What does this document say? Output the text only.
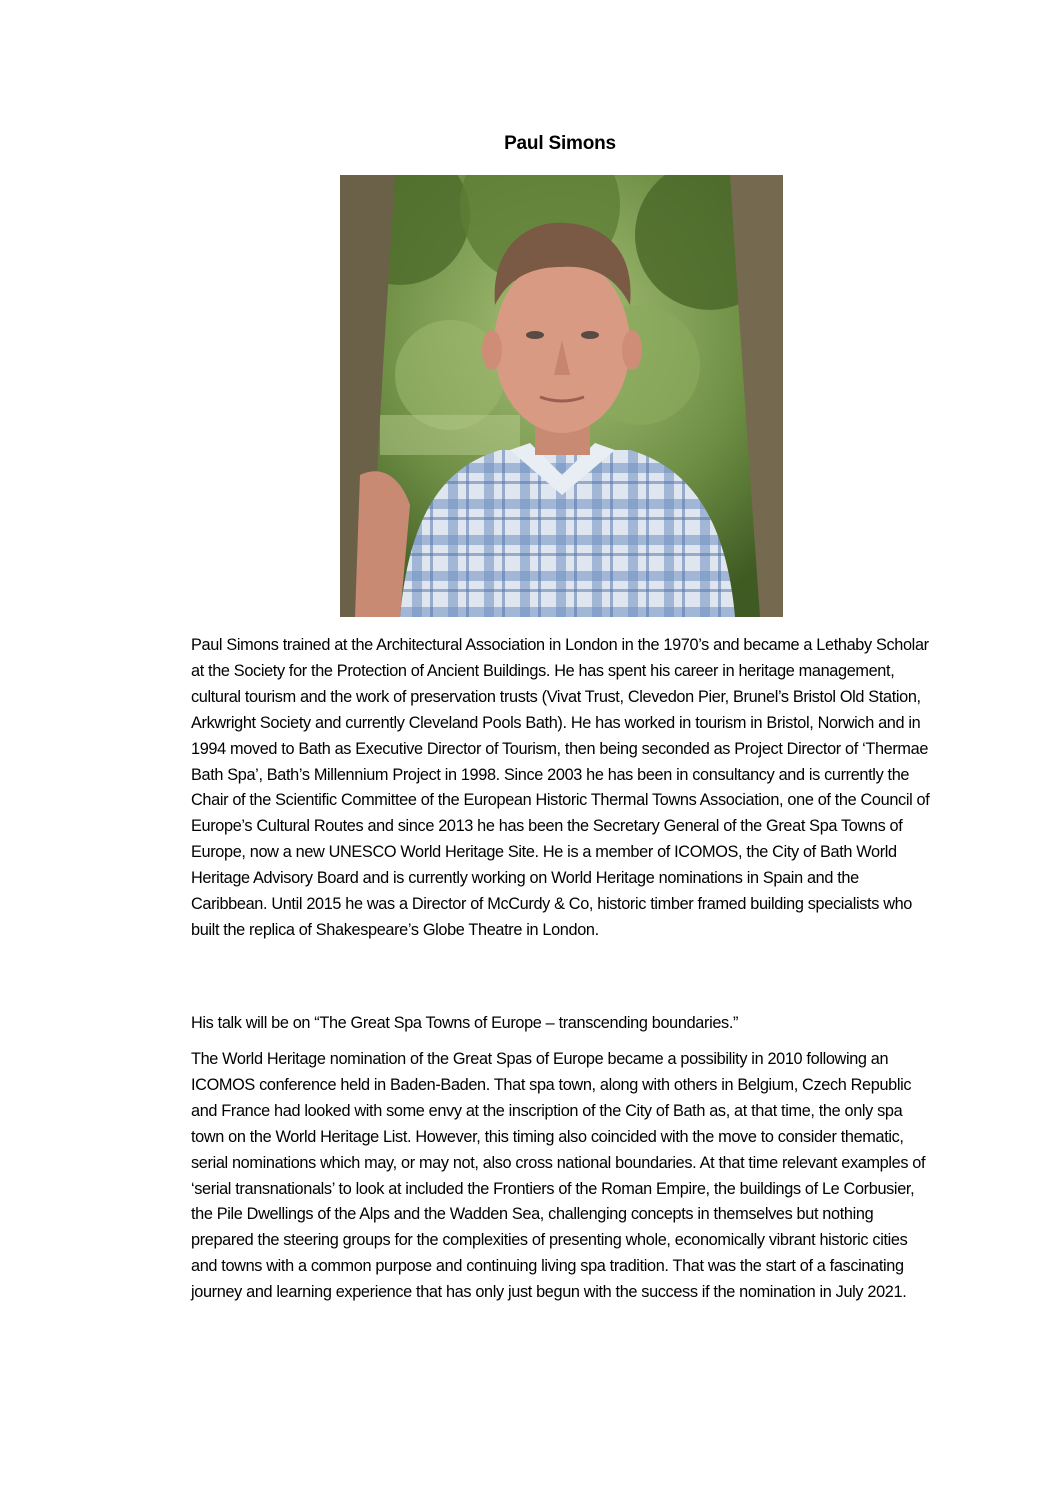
Paul Simons

Paul Simons trained at the Architectural Association in London in the 1970’s and became a Lethaby Scholar at the Society for the Protection of Ancient Buildings. He has spent his career in heritage management, cultural tourism and the work of preservation trusts (Vivat Trust, Clevedon Pier, Brunel’s Bristol Old Station, Arkwright Society and currently Cleveland Pools Bath). He has worked in tourism in Bristol, Norwich and in 1994 moved to Bath as Executive Director of Tourism, then being seconded as Project Director of ‘Thermae Bath Spa’, Bath’s Millennium Project in 1998. Since 2003 he has been in consultancy and is currently the Chair of the Scientific Committee of the European Historic Thermal Towns Association, one of the Council of Europe’s Cultural Routes and since 2013 he has been the Secretary General of the Great Spa Towns of Europe, now a new UNESCO World Heritage Site. He is a member of ICOMOS, the City of Bath World Heritage Advisory Board and is currently working on World Heritage nominations in Spain and the Caribbean. Until 2015 he was a Director of McCurdy & Co, historic timber framed building specialists who built the replica of Shakespeare’s Globe Theatre in London.

His talk will be on “The Great Spa Towns of Europe – transcending boundaries.”

The World Heritage nomination of the Great Spas of Europe became a possibility in 2010 following an ICOMOS conference held in Baden-Baden. That spa town, along with others in Belgium, Czech Republic and France had looked with some envy at the inscription of the City of Bath as, at that time, the only spa town on the World Heritage List. However, this timing also coincided with the move to consider thematic, serial nominations which may, or may not, also cross national boundaries. At that time relevant examples of ‘serial transnationals’ to look at included the Frontiers of the Roman Empire, the buildings of Le Corbusier, the Pile Dwellings of the Alps and the Wadden Sea, challenging concepts in themselves but nothing prepared the steering groups for the complexities of presenting whole, economically vibrant historic cities and towns with a common purpose and continuing living spa tradition. That was the start of a fascinating journey and learning experience that has only just begun with the success if the nomination in July 2021.
